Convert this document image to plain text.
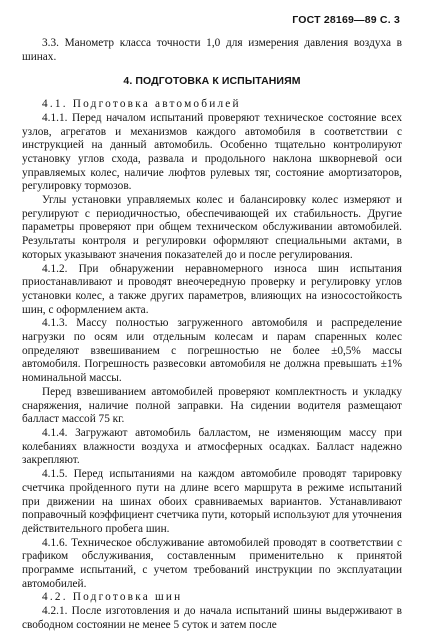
ГОСТ 28169—89 С. 3

3.3. Манометр класса точности 1,0 для измерения давления воздуха в шинах.

4. ПОДГОТОВКА К ИСПЫТАНИЯМ

4.1. Подготовка автомобилей

4.1.1. Перед началом испытаний проверяют техническое состояние всех узлов, агрегатов и механизмов каждого автомобиля в соответствии с инструкцией на данный автомобиль. Особенно тщательно контролируют установку углов схода, развала и продольного наклона шкворневой оси управляемых колес, наличие люфтов рулевых тяг, состояние амортизаторов, регулировку тормозов.

Углы установки управляемых колес и балансировку колес измеряют и регулируют с периодичностью, обеспечивающей их стабильность. Другие параметры проверяют при общем техническом обслуживании автомобилей. Результаты контроля и регулировки оформляют специальными актами, в которых указывают значения показателей до и после регулирования.

4.1.2. При обнаружении неравномерного износа шин испытания приостанавливают и проводят внеочередную проверку и регулировку углов установки колес, а также других параметров, влияющих на износостойкость шин, с оформлением акта.

4.1.3. Массу полностью загруженного автомобиля и распределение нагрузки по осям или отдельным колесам и парам спаренных колес определяют взвешиванием с погрешностью не более ±0,5% массы автомобиля. Погрешность развесовки автомобиля не должна превышать ±1% номинальной массы.

Перед взвешиванием автомобилей проверяют комплектность и укладку снаряжения, наличие полной заправки. На сидении водителя размещают балласт массой 75 кг.

4.1.4. Загружают автомобиль балластом, не изменяющим массу при колебаниях влажности воздуха и атмосферных осадках. Балласт надежно закрепляют.

4.1.5. Перед испытаниями на каждом автомобиле проводят тарировку счетчика пройденного пути на длине всего маршрута в режиме испытаний при движении на шинах обоих сравниваемых вариантов. Устанавливают поправочный коэффициент счетчика пути, который используют для уточнения действительного пробега шин.

4.1.6. Техническое обслуживание автомобилей проводят в соответствии с графиком обслуживания, составленным применительно к принятой программе испытаний, с учетом требований инструкции по эксплуатации автомобилей.

4.2. Подготовка шин

4.2.1. После изготовления и до начала испытаний шины выдерживают в свободном состоянии не менее 5 суток и затем после
